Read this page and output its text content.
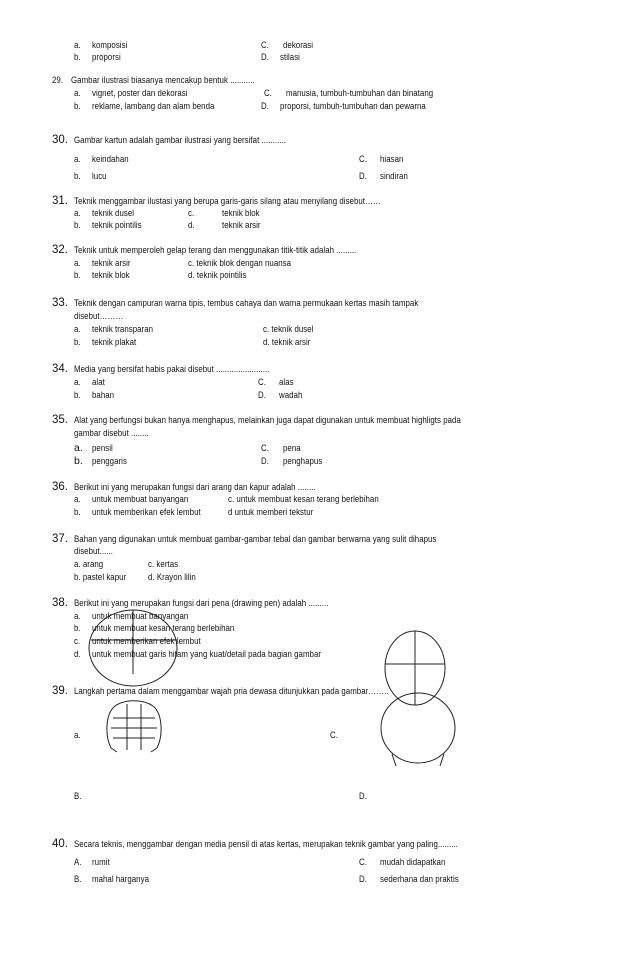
a. komposisi	C. dekorasi
b. proporsi	D. stilasi
29. Gambar ilustrasi biasanya mencakup bentuk ...........
a. vignet, poster dan dekorasi	C. manusia, tumbuh-tumbuhan dan binatang
b. reklame, lambang dan alam benda	D. proporsi, tumbuh-tumbuhan dan pewarna
30. Gambar kartun adalah gambar ilustrasi yang bersifat ...........
a. keindahan	C. hiasan
b. lucu	D. sindiran
31. Teknik menggambar ilustasi yang berupa garis-garis silang atau menyilang disebut……
a. teknik dusel	c.	teknik blok
b. teknik pointilis	d.	teknik arsir
32. Teknik untuk memperoleh gelap terang dan menggunakan titik-titik adalah .........
a. teknik arsir	c. teknik blok dengan nuansa
b. teknik blok	d. teknik pointilis
33. Teknik dengan campuran warna tipis, tembus cahaya dan warna permukaan kertas masih tampak
disebut………
a. teknik transparan	c. teknik dusel
b. teknik plakat	d. teknik arsir
34. Media yang bersifat habis pakai disebut ........................
a. alat	C. alas
b. bahan	D. wadah
35. Alat yang berfungsi bukan hanya menghapus, melainkan juga dapat digunakan untuk membuat highligts pada
gambar disebut ........
a. pensil	C. pena
b. penggaris	D. penghapus
36. Berikut ini yang merupakan fungsi dari arang dan kapur adalah ........
a. untuk membuat banyangan	c. untuk membuat kesan terang berlebihan
b. untuk memberikan efek lembut	d untuk memberi tekstur
37. Bahan yang digunakan untuk membuat gambar-gambar tebal dan gambar berwarna yang sulit dihapus
disebut......
a. arang	c. kertas
b. pastel kapur d. Krayon lilin
38. Berikut ini yang merupakan fungsi dari pena (drawing pen) adalah .........
a. untuk membuat banyangan
b. untuk membuat kesan terang berlebihan
c. untuk memberikan efek lembut
d. untuk membuat garis hitam yang kuat/detail pada bagian gambar
39. Langkah pertama dalam menggambar wajah pria dewasa ditunjukkan pada gambar……..
a.	C.
B.	D.
40. Secara teknis, menggambar dengan media pensil di atas kertas, merupakan teknik gambar yang paling.........
A. rumit	C. mudah didapatkan
B. mahal harganya	D. sederhana dan praktis
